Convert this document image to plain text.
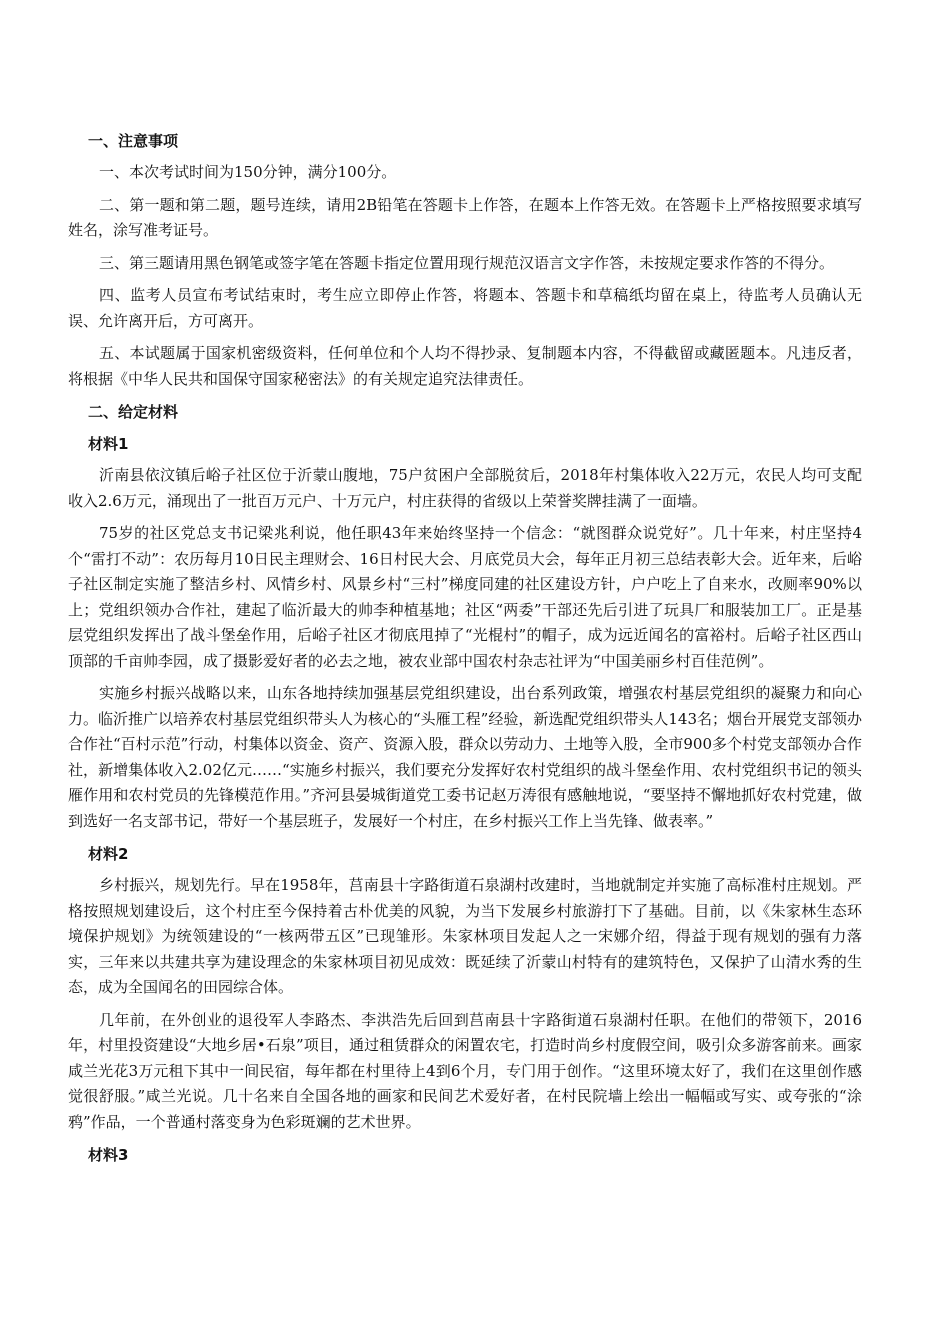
一、注意事项

一、本次考试时间为150分钟，满分100分。

二、第一题和第二题，题号连续，请用2B铅笔在答题卡上作答，在题本上作答无效。在答题卡上严格按照要求填写姓名，涂写准考证号。

三、第三题请用黑色钢笔或签字笔在答题卡指定位置用现行规范汉语言文字作答，未按规定要求作答的不得分。

四、监考人员宣布考试结束时，考生应立即停止作答，将题本、答题卡和草稿纸均留在桌上，待监考人员确认无误、允许离开后，方可离开。

五、本试题属于国家机密级资料，任何单位和个人均不得抄录、复制题本内容，不得截留或藏匿题本。凡违反者，将根据《中华人民共和国保守国家秘密法》的有关规定追究法律责任。

二、给定材料
材料1

沂南县依汶镇后峪子社区位于沂蒙山腹地，75户贫困户全部脱贫后，2018年村集体收入22万元，农民人均可支配收入2.6万元，涌现出了一批百万元户、十万元户，村庄获得的省级以上荣誉奖牌挂满了一面墙。

75岁的社区党总支书记梁兆利说，他任职43年来始终坚持一个信念：“就图群众说党好”。几十年来，村庄坚持4个“雷打不动”：农历每月10日民主理财会、16日村民大会、月底党员大会，每年正月初三总结表彰大会。近年来，后峪子社区制定实施了整洁乡村、风情乡村、风景乡村“三村”梯度同建的社区建设方针，户户吃上了自来水，改厕率90%以上；党组织领办合作社，建起了临沂最大的帅李种植基地；社区“两委”干部还先后引进了玩具厂和服装加工厂。正是基层党组织发挥出了战斗堡垒作用，后峪子社区才彻底甩掉了“光棍村”的帽子，成为远近闻名的富裕村。后峪子社区西山顶部的千亩帅李园，成了摄影爱好者的必去之地，被农业部中国农村杂志社评为“中国美丽乡村百佳范例”。

实施乡村振兴战略以来，山东各地持续加强基层党组织建设，出台系列政策，增强农村基层党组织的凝聚力和向心力。临沂推广以培养农村基层党组织带头人为核心的“头雁工程”经验，新选配党组织带头人143名；烟台开展党支部领办合作社“百村示范”行动，村集体以资金、资产、资源入股，群众以劳动力、土地等入股，全市900多个村党支部领办合作社，新增集体收入2.02亿元……“实施乡村振兴，我们要充分发挥好农村党组织的战斗堡垒作用、农村党组织书记的领头雁作用和农村党员的先锋模范作用。”齐河县晏城街道党工委书记赵万涛很有感触地说，“要坚持不懈地抓好农村党建，做到选好一名支部书记，带好一个基层班子，发展好一个村庄，在乡村振兴工作上当先锋、做表率。”

材料2

乡村振兴，规划先行。早在1958年，莒南县十字路街道石泉湖村改建时，当地就制定并实施了高标准村庄规划。严格按照规划建设后，这个村庄至今保持着古朴优美的风貌，为当下发展乡村旅游打下了基础。目前，以《朱家林生态环境保护规划》为统领建设的“一核两带五区”已现雏形。朱家林项目发起人之一宋娜介绍，得益于现有规划的强有力落实，三年来以共建共享为建设理念的朱家林项目初见成效：既延续了沂蒙山村特有的建筑特色，又保护了山清水秀的生态，成为全国闻名的田园综合体。

几年前，在外创业的退役军人李路杰、李洪浩先后回到莒南县十字路街道石泉湖村任职。在他们的带领下，2016年，村里投资建设“大地乡居•石泉”项目，通过租赁群众的闲置农宅，打造时尚乡村度假空间，吸引众多游客前来。画家咸兰光花3万元租下其中一间民宿，每年都在村里待上4到6个月，专门用于创作。“这里环境太好了，我们在这里创作感觉很舒服。”咸兰光说。几十名来自全国各地的画家和民间艺术爱好者，在村民院墙上绘出一幅幅或写实、或夸张的“涂鸦”作品，一个普通村落变身为色彩斑斓的艺术世界。

材料3
